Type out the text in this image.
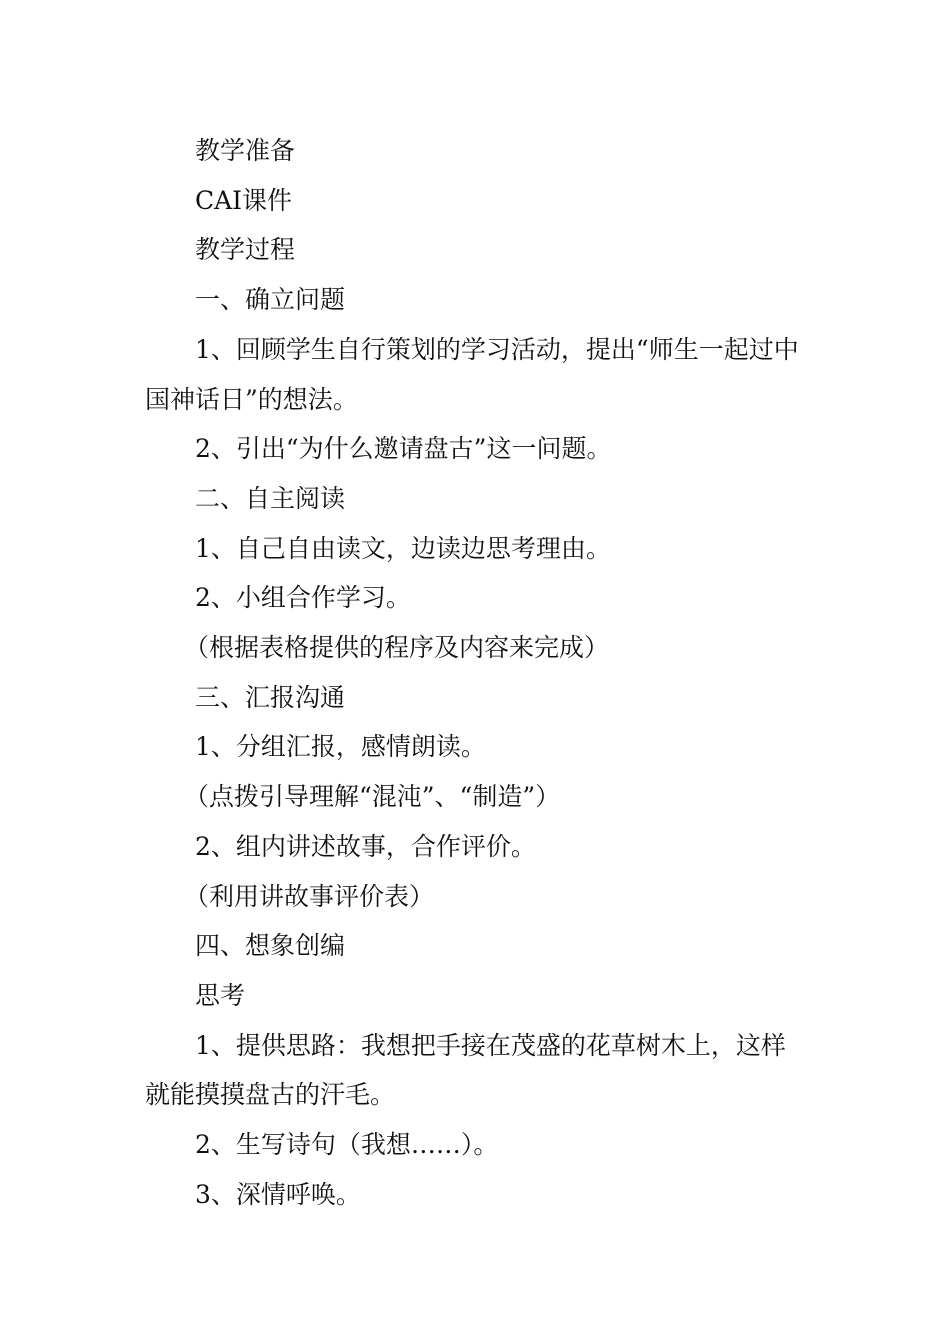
教学准备

CAI课件

教学过程

一、确立问题

1、回顾学生自行策划的学习活动，提出“师生一起过中国神话日”的想法。

2、引出“为什么邀请盘古”这一问题。

二、自主阅读

1、自己自由读文，边读边思考理由。

2、小组合作学习。

（根据表格提供的程序及内容来完成）

三、汇报沟通

1、分组汇报，感情朗读。

（点拨引导理解“混沌”、“制造”）

2、组内讲述故事，合作评价。

（利用讲故事评价表）

四、想象创编

思考

1、提供思路：我想把手接在茂盛的花草树木上，这样就能摸摸盘古的汗毛。

2、生写诗句（我想……）。

3、深情呼唤。
